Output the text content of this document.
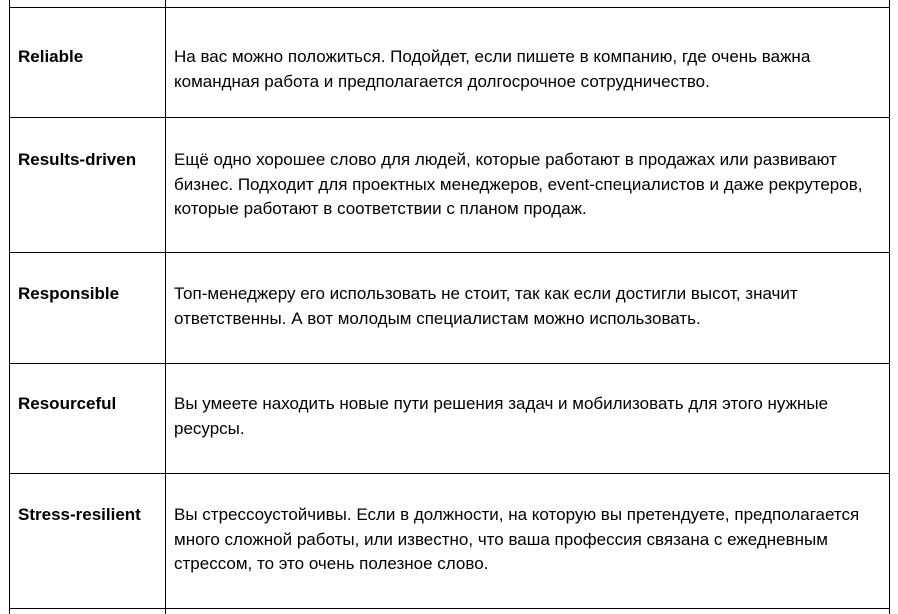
Reliable	На вас можно положиться. Подойдет, если пишете в компанию, где очень важна командная работа и предполагается долгосрочное сотрудничество.
Results-driven	Ещё одно хорошее слово для людей, которые работают в продажах или развивают бизнес. Подходит для проектных менеджеров, event-специалистов и даже рекрутеров, которые работают в соответствии с планом продаж.
Responsible	Топ-менеджеру его использовать не стоит, так как если достигли высот, значит ответственны. А вот молодым специалистам можно использовать.
Resourceful	Вы умеете находить новые пути решения задач и мобилизовать для этого нужные ресурсы.
Stress-resilient	Вы стрессоустойчивы. Если в должности, на которую вы претендуете, предполагается много сложной работы, или известно, что ваша профессия связана с ежедневным стрессом, то это очень полезное слово.
